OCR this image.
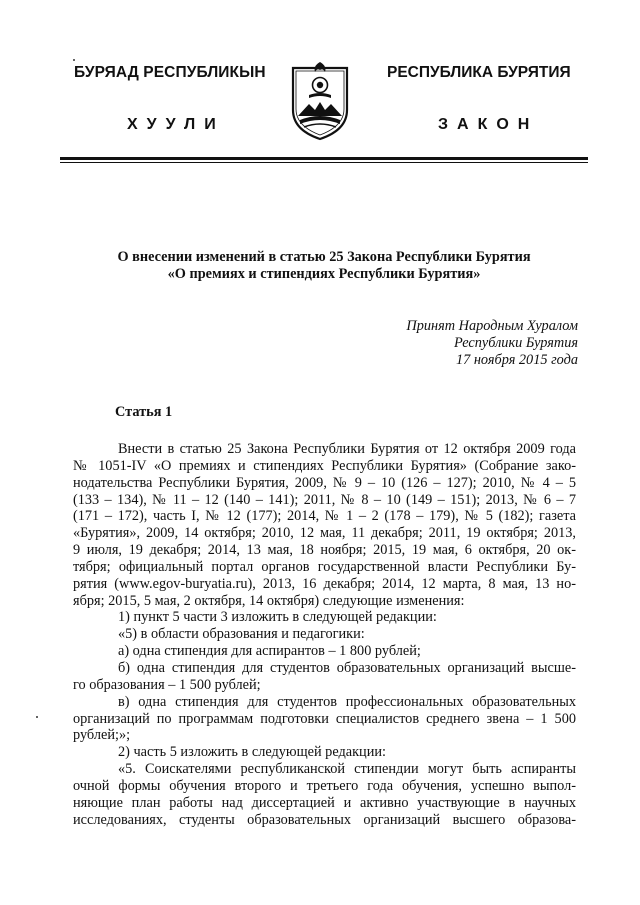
БУРЯАД РЕСПУБЛИКЫН
ХУУЛИ
РЕСПУБЛИКА БУРЯТИЯ
ЗАКОН
О внесении изменений в статью 25 Закона Республики Бурятия
«О премиях и стипендиях Республики Бурятия»
Принят Народным Хуралом
Республики Бурятия
17 ноября 2015 года
Статья 1
Внести в статью 25 Закона Республики Бурятия от 12 октября 2009 года
№ 1051-IV «О премиях и стипендиях Республики Бурятия» (Собрание зако-
нодательства Республики Бурятия, 2009, № 9 – 10 (126 – 127); 2010, № 4 – 5
(133 – 134), № 11 – 12 (140 – 141); 2011, № 8 – 10 (149 – 151); 2013, № 6 – 7
(171 – 172), часть I, № 12 (177); 2014, № 1 – 2 (178 – 179), № 5 (182); газета
«Бурятия», 2009, 14 октября; 2010, 12 мая, 11 декабря; 2011, 19 октября; 2013,
9 июля, 19 декабря; 2014, 13 мая, 18 ноября; 2015, 19 мая, 6 октября, 20 ок-
тября; официальный портал органов государственной власти Республики Бу-
рятия (www.egov-buryatia.ru), 2013, 16 декабря; 2014, 12 марта, 8 мая, 13 но-
ября; 2015, 5 мая, 2 октября, 14 октября) следующие изменения:
1) пункт 5 части 3 изложить в следующей редакции:
«5) в области образования и педагогики:
а) одна стипендия для аспирантов – 1 800 рублей;
б) одна стипендия для студентов образовательных организаций высше-
го образования – 1 500 рублей;
в) одна стипендия для студентов профессиональных образовательных
организаций по программам подготовки специалистов среднего звена – 1 500
рублей;»;
2) часть 5 изложить в следующей редакции:
«5. Соискателями республиканской стипендии могут быть аспиранты
очной формы обучения второго и третьего года обучения, успешно выпол-
няющие план работы над диссертацией и активно участвующие в научных
исследованиях, студенты образовательных организаций высшего образова-
